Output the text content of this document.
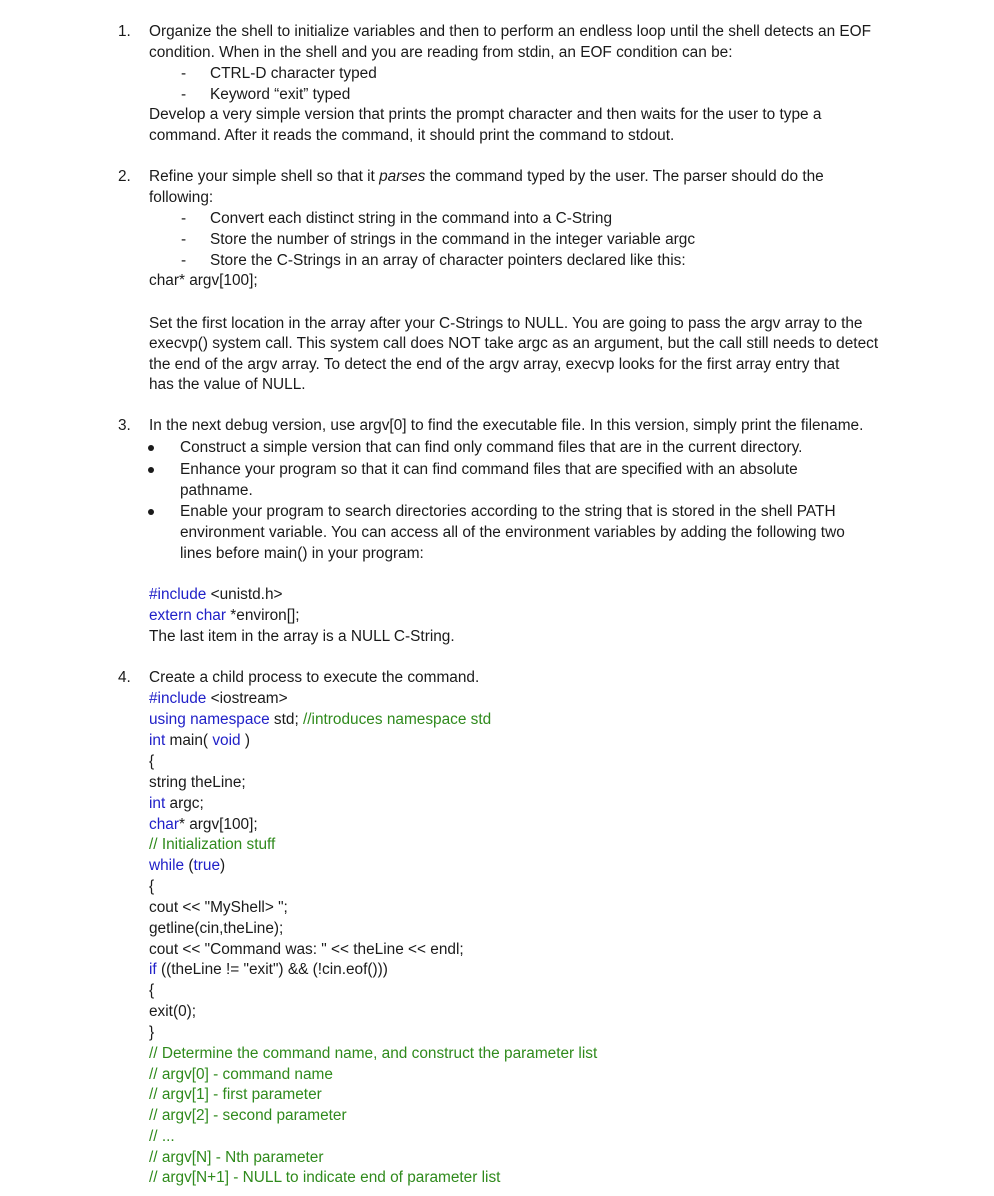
1. Organize the shell to initialize variables and then to perform an endless loop until the shell detects an EOF
condition. When in the shell and you are reading from stdin, an EOF condition can be:
- CTRL-D character typed
- Keyword “exit” typed
Develop a very simple version that prints the prompt character and then waits for the user to type a
command. After it reads the command, it should print the command to stdout.
2. Refine your simple shell so that it parses the command typed by the user. The parser should do the
following:
- Convert each distinct string in the command into a C-String
- Store the number of strings in the command in the integer variable argc
- Store the C-Strings in an array of character pointers declared like this:
char* argv[100];
Set the first location in the array after your C-Strings to NULL. You are going to pass the argv array to the
execvp() system call. This system call does NOT take argc as an argument, but the call still needs to detect
the end of the argv array. To detect the end of the argv array, execvp looks for the first array entry that
has the value of NULL.
3. In the next debug version, use argv[0] to find the executable file. In this version, simply print the filename.
Construct a simple version that can find only command files that are in the current directory.
Enhance your program so that it can find command files that are specified with an absolute
pathname.
Enable your program to search directories according to the string that is stored in the shell PATH
environment variable. You can access all of the environment variables by adding the following two
lines before main() in your program:
#include <unistd.h>
extern char *environ[];
The last item in the array is a NULL C-String.
4. Create a child process to execute the command.
#include <iostream>
using namespace std; //introduces namespace std
int main( void )
{
string theLine;
int argc;
char* argv[100];
// Initialization stuff
while (true)
{
cout << "MyShell> ";
getline(cin,theLine);
cout << "Command was: " << theLine << endl;
if ((theLine != "exit") && (!cin.eof()))
{
exit(0);
}
// Determine the command name, and construct the parameter list
// argv[0] - command name
// argv[1] - first parameter
// argv[2] - second parameter
// ...
// argv[N] - Nth parameter
// argv[N+1] - NULL to indicate end of parameter list
